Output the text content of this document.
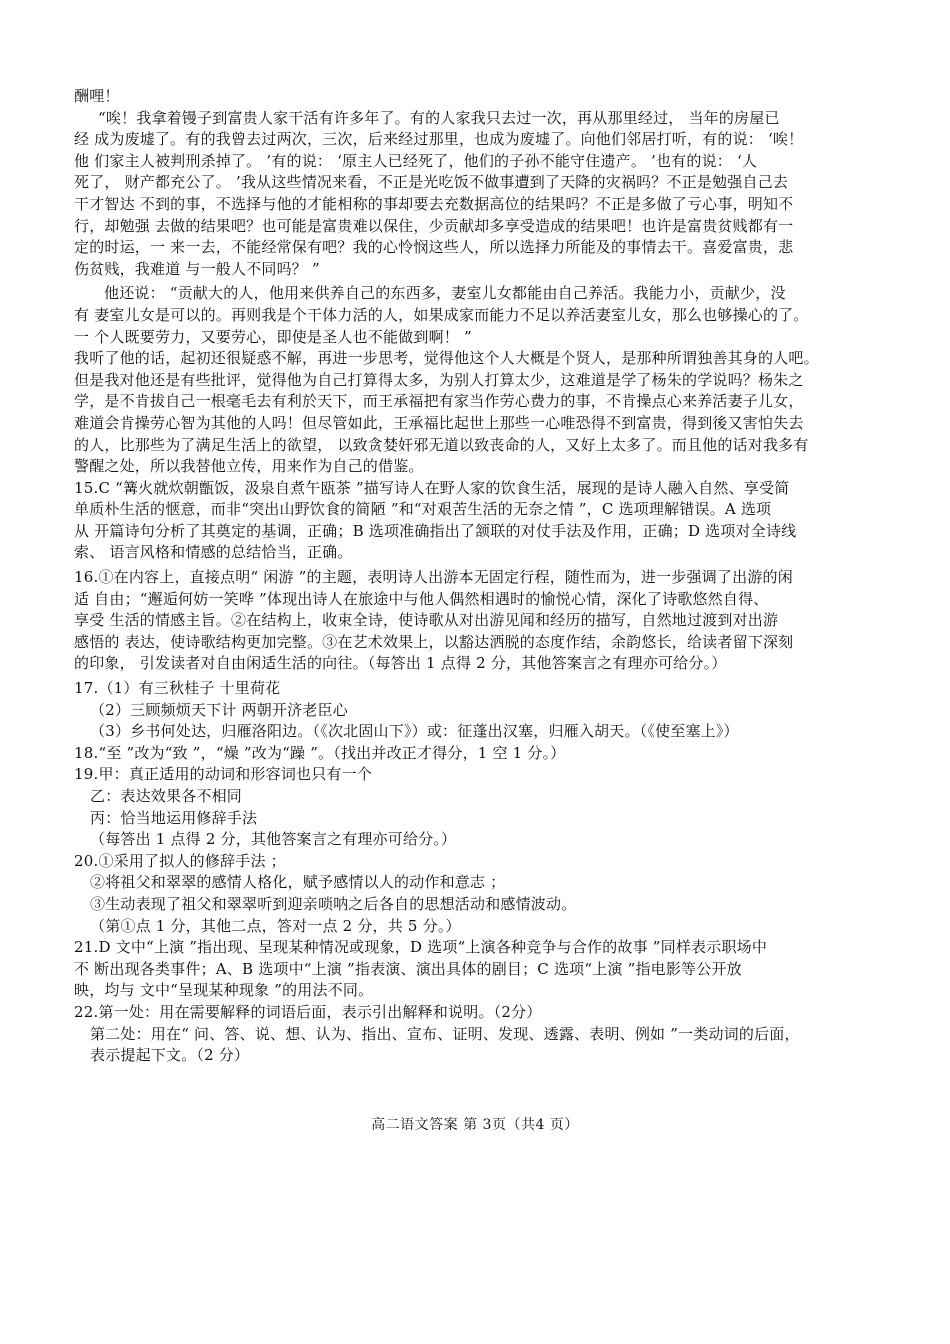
酬哩！
“唉！我拿着镘子到富贵人家干活有许多年了。有的人家我只去过一次，再从那里经过， 当年的房屋已
经 成为废墟了。有的我曾去过两次，三次，后来经过那里，也成为废墟了。向他们邻居打听，有的说： ‘唉！
他 们家主人被判刑杀掉了。 ’有的说： ‘原主人已经死了，他们的子孙不能守住遗产。 ’也有的说： ‘人
死了， 财产都充公了。 ’我从这些情况来看，不正是光吃饭不做事遭到了天降的灾祸吗？不正是勉强自己去
干才智达 不到的事，不选择与他的才能相称的事却要去充数据高位的结果吗？不正是多做了亏心事，明知不
行，却勉强 去做的结果吧？也可能是富贵难以保住，少贡献却多享受造成的结果吧！也许是富贵贫贱都有一
定的时运，一 来一去，不能经常保有吧？我的心怜悯这些人，所以选择力所能及的事情去干。喜爱富贵，悲
伤贫贱，我难道 与一般人不同吗？ ”
他还说： “贡献大的人，他用来供养自己的东西多，妻室儿女都能由自己养活。我能力小，贡献少，没
有 妻室儿女是可以的。再则我是个干体力活的人，如果成家而能力不足以养活妻室儿女，那么也够操心的了。
一 个人既要劳力，又要劳心，即使是圣人也不能做到啊！ ”
我听了他的话，起初还很疑惑不解，再进一步思考，觉得他这个人大概是个贤人，是那种所谓独善其身的人吧。
但是我对他还是有些批评，觉得他为自己打算得太多，为别人打算太少，这难道是学了杨朱的学说吗？杨朱之
学，是不肯拔自己一根毫毛去有利於天下，而王承福把有家当作劳心费力的事，不肯操点心来养活妻子儿女，
难道会肯操劳心智为其他的人吗！但尽管如此，王承福比起世上那些一心唯恐得不到富贵，得到後又害怕失去
的人，比那些为了满足生活上的欲望， 以致贪婪奸邪无道以致丧命的人，又好上太多了。而且他的话对我多有
警醒之处，所以我替他立传，用来作为自己的借鉴。
15.C “篝火就炊朝甑饭，汲泉自煮午瓯茶 ”描写诗人在野人家的饮食生活，展现的是诗人融入自然、享受简
单质朴生活的惬意，而非“突出山野饮食的简陋 ”和“对艰苦生活的无奈之情 ”，C 选项理解错误。A 选项
从 开篇诗句分析了其奠定的基调，正确；B 选项准确指出了颔联的对仗手法及作用，正确；D 选项对全诗线
索、 语言风格和情感的总结恰当，正确。
16.①在内容上，直接点明“ 闲游 ”的主题，表明诗人出游本无固定行程，随性而为，进一步强调了出游的闲
适 自由；“邂逅何妨一笑哗 ”体现出诗人在旅途中与他人偶然相遇时的愉悦心情，深化了诗歌悠然自得、
享受 生活的情感主旨。②在结构上，收束全诗，使诗歌从对出游见闻和经历的描写，自然地过渡到对出游
感悟的 表达，使诗歌结构更加完整。③在艺术效果上，以豁达洒脱的态度作结，余韵悠长，给读者留下深刻
的印象， 引发读者对自由闲适生活的向往。（每答出 1 点得 2 分，其他答案言之有理亦可给分。）
17.（1）有三秋桂子 十里荷花
（2）三顾频烦天下计 两朝开济老臣心
（3）乡书何处达，归雁洛阳边。（《次北固山下》）或：征蓬出汉塞，归雁入胡天。（《使至塞上》）
18.“至 ”改为“致 ”，“燥 ”改为“躁 ”。（找出并改正才得分，1 空 1 分。）
19.甲：真正适用的动词和形容词也只有一个
乙：表达效果各不相同
丙：恰当地运用修辞手法
（每答出 1 点得 2 分，其他答案言之有理亦可给分。）
20.①采用了拟人的修辞手法 ；
②将祖父和翠翠的感情人格化，赋予感情以人的动作和意志 ；
③生动表现了祖父和翠翠听到迎亲唢呐之后各自的思想活动和感情波动。
（第①点 1 分，其他二点，答对一点 2 分，共 5 分。）
21.D 文中“上演 ”指出现、呈现某种情况或现象，D 选项“上演各种竞争与合作的故事 ”同样表示职场中
不 断出现各类事件；A、B 选项中“上演 ”指表演、演出具体的剧目；C 选项“上演 ”指电影等公开放
映，均与 文中“呈现某种现象 ”的用法不同。
22.第一处：用在需要解释的词语后面，表示引出解释和说明。（2分）
第二处：用在“ 问、答、说、想、认为、指出、宣布、证明、发现、透露、表明、例如 ”一类动词的后面，
表示提起下文。（2 分）
高二语文答案 第 3页（共4 页）
